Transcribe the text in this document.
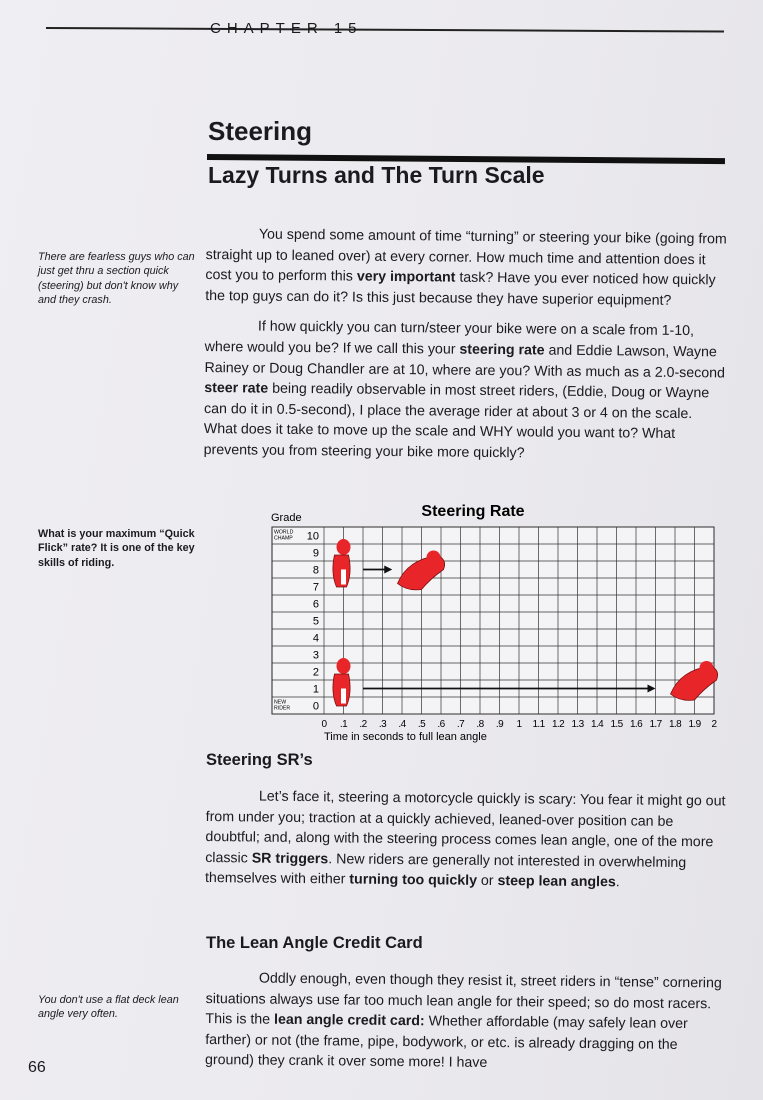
CHAPTER 15
Steering
Lazy Turns and The Turn Scale

You spend some amount of time “turning” or steering your bike (going from straight up to leaned over) at every corner. How much time and attention does it cost you to perform this very important task? Have you ever noticed how quickly the top guys can do it? Is this just because they have superior equipment?

If how quickly you can turn/steer your bike were on a scale from 1-10, where would you be? If we call this your steering rate and Eddie Lawson, Wayne Rainey or Doug Chandler are at 10, where are you? With as much as a 2.0-second steer rate being readily observable in most street riders, (Eddie, Doug or Wayne can do it in 0.5-second), I place the average rider at about 3 or 4 on the scale. What does it take to move up the scale and WHY would you want to? What prevents you from steering your bike more quickly?

Steering Rate
Grade
0
NEW
RIDER
1
2
3
4
5
6
7
8
9
10
WORLD
CHAMP
0 .1 .2 .3 .4 .5 .6 .7 .8 .9 1 1.1 1.2 1.3 1.4 1.5 1.6 1.7 1.8 1.9 2
Time in seconds to full lean angle
Steering SR’s

Let’s face it, steering a motorcycle quickly is scary: You fear it might go out from under you; traction at a quickly achieved, leaned-over position can be doubtful; and, along with the steering process comes lean angle, one of the more classic SR triggers. New riders are generally not interested in overwhelming themselves with either turning too quickly or steep lean angles.

The Lean Angle Credit Card

Oddly enough, even though they resist it, street riders in “tense” cornering situations always use far too much lean angle for their speed; so do most racers. This is the lean angle credit card: Whether affordable (may safely lean over farther) or not (the frame, pipe, bodywork, or etc. is already dragging on the ground) they crank it over some more! I have

There are fearless guys who can just get thru a section quick (steering) but don't know why and they crash.
What is your maximum “Quick Flick” rate? It is one of the key skills of riding.
You don't use a flat deck lean angle very often.
66
